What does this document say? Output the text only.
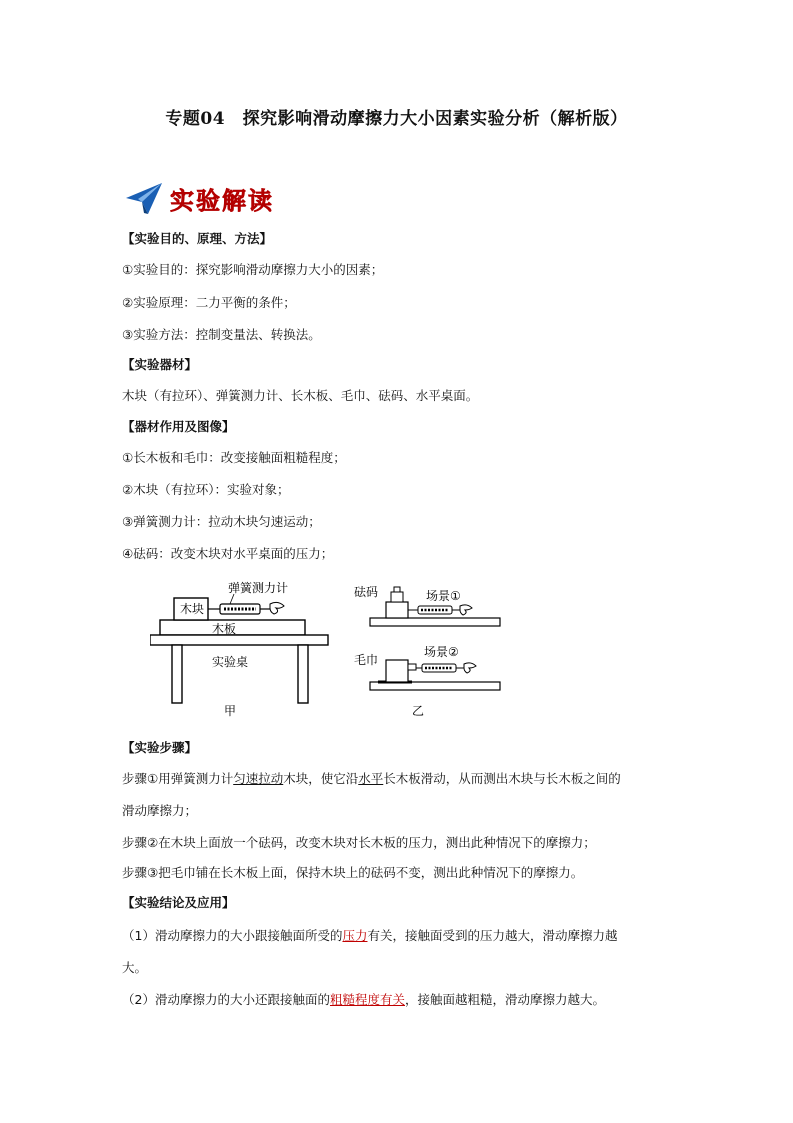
专题04　探究影响滑动摩擦力大小因素实验分析（解析版）
实验解读
【实验目的、原理、方法】
①实验目的：探究影响滑动摩擦力大小的因素；
②实验原理：二力平衡的条件；
③实验方法：控制变量法、转换法。
【实验器材】
木块（有拉环）、弹簧测力计、长木板、毛巾、砝码、水平桌面。
【器材作用及图像】
①长木板和毛巾：改变接触面粗糙程度；
②木块（有拉环）：实验对象；
③弹簧测力计：拉动木块匀速运动；
④砝码：改变木块对水平桌面的压力；
木块
弹簧测力计
木板
实验桌
甲
砝码	场景①
毛巾
场景②
乙
【实验步骤】
步骤①用弹簧测力计匀速拉动木块，使它沿水平长木板滑动，从而测出木块与长木板之间的
滑动摩擦力；
步骤②在木块上面放一个砝码，改变木块对长木板的压力，测出此种情况下的摩擦力；
步骤③把毛巾铺在长木板上面，保持木块上的砝码不变，测出此种情况下的摩擦力。
【实验结论及应用】
（1）滑动摩擦力的大小跟接触面所受的压力有关，接触面受到的压力越大，滑动摩擦力越
大。
（2）滑动摩擦力的大小还跟接触面的粗糙程度有关，接触面越粗糙，滑动摩擦力越大。
